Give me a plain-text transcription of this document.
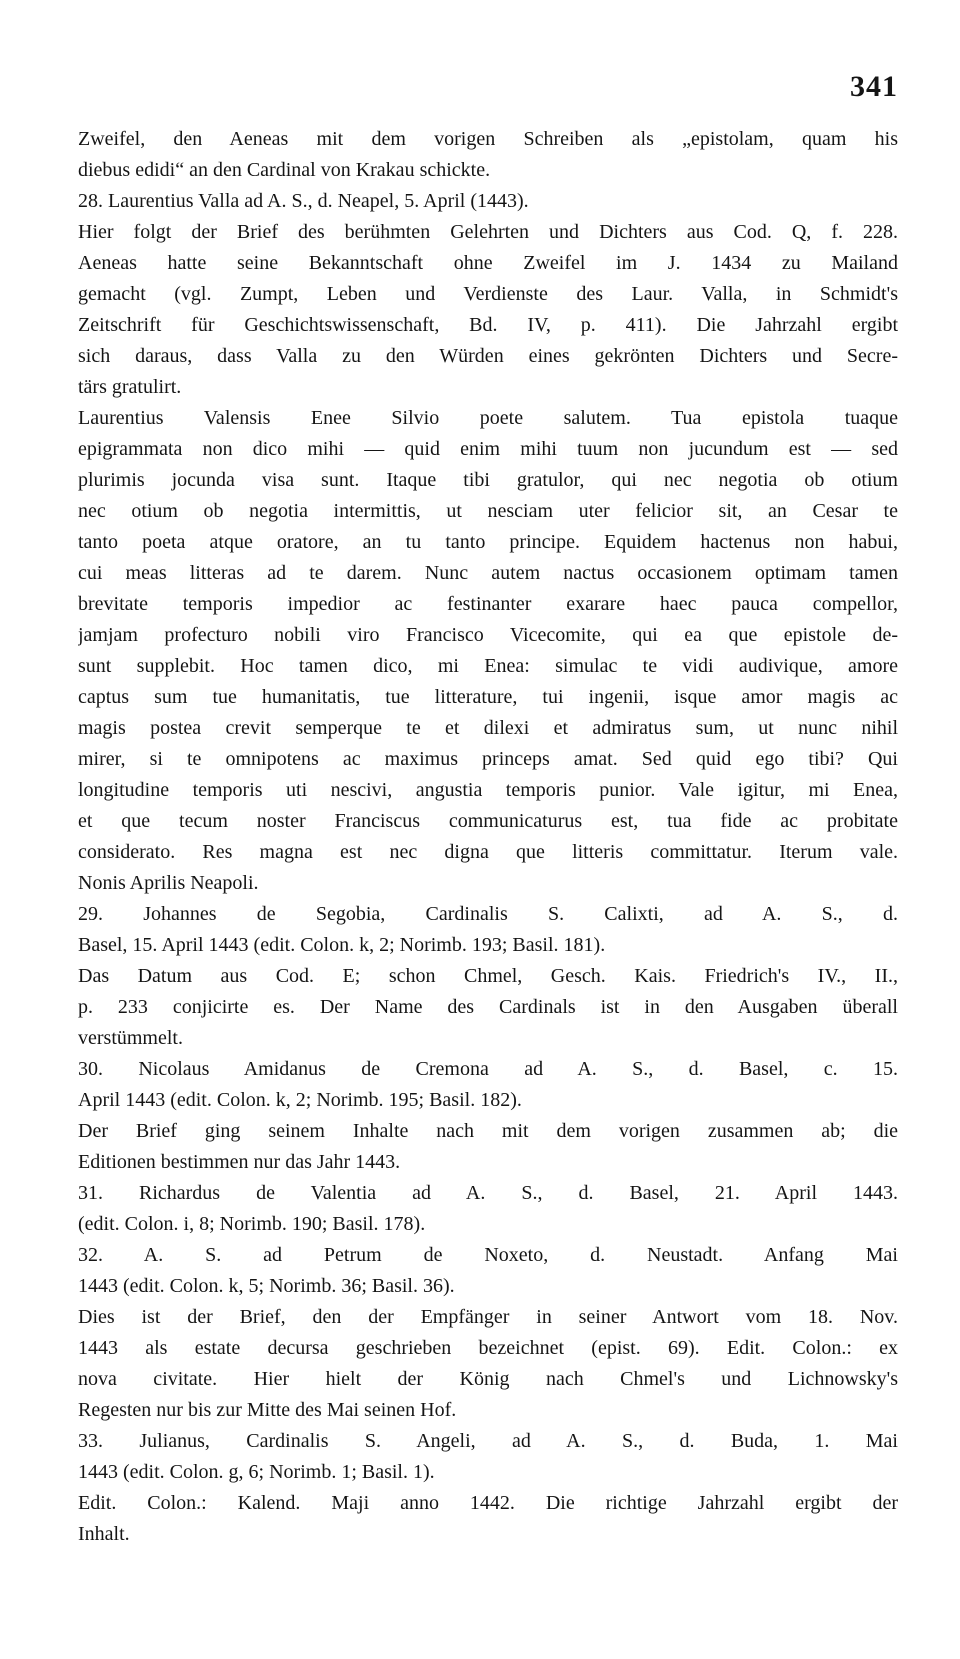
341
Zweifel, den Aeneas mit dem vorigen Schreiben als „epistolam, quam his
diebus edidi“ an den Cardinal von Krakau schickte.
28. Laurentius Valla ad A. S., d. Neapel, 5. April (1443).
Hier folgt der Brief des berühmten Gelehrten und Dichters aus Cod. Q, f. 228.
Aeneas hatte seine Bekanntschaft ohne Zweifel im J. 1434 zu Mailand
gemacht (vgl. Zumpt, Leben und Verdienste des Laur. Valla, in Schmidt's
Zeitschrift für Geschichtswissenschaft, Bd. IV, p. 411). Die Jahrzahl ergibt
sich daraus, dass Valla zu den Würden eines gekrönten Dichters und Secre-
tärs gratulirt.
Laurentius Valensis Enee Silvio poete salutem. Tua epistola tuaque
epigrammata non dico mihi — quid enim mihi tuum non jucundum est — sed
plurimis jocunda visa sunt. Itaque tibi gratulor, qui nec negotia ob otium
nec otium ob negotia intermittis, ut nesciam uter felicior sit, an Cesar te
tanto poeta atque oratore, an tu tanto principe. Equidem hactenus non habui,
cui meas litteras ad te darem. Nunc autem nactus occasionem optimam tamen
brevitate temporis impedior ac festinanter exarare haec pauca compellor,
jamjam profecturo nobili viro Francisco Vicecomite, qui ea que epistole de-
sunt supplebit. Hoc tamen dico, mi Enea: simulac te vidi audivique, amore
captus sum tue humanitatis, tue litterature, tui ingenii, isque amor magis ac
magis postea crevit semperque te et dilexi et admiratus sum, ut nunc nihil
mirer, si te omnipotens ac maximus princeps amat. Sed quid ego tibi? Qui
longitudine temporis uti nescivi, angustia temporis punior. Vale igitur, mi Enea,
et que tecum noster Franciscus communicaturus est, tua fide ac probitate
considerato. Res magna est nec digna que litteris committatur. Iterum vale.
Nonis Aprilis Neapoli.
29. Johannes de Segobia, Cardinalis S. Calixti, ad A. S., d.
Basel, 15. April 1443 (edit. Colon. k, 2; Norimb. 193; Basil. 181).
Das Datum aus Cod. E; schon Chmel, Gesch. Kais. Friedrich's IV., II.,
p. 233 conjicirte es. Der Name des Cardinals ist in den Ausgaben überall
verstümmelt.
30. Nicolaus Amidanus de Cremona ad A. S., d. Basel, c. 15.
April 1443 (edit. Colon. k, 2; Norimb. 195; Basil. 182).
Der Brief ging seinem Inhalte nach mit dem vorigen zusammen ab; die
Editionen bestimmen nur das Jahr 1443.
31. Richardus de Valentia ad A. S., d. Basel, 21. April 1443.
(edit. Colon. i, 8; Norimb. 190; Basil. 178).
32. A. S. ad Petrum de Noxeto, d. Neustadt. Anfang Mai
1443 (edit. Colon. k, 5; Norimb. 36; Basil. 36).
Dies ist der Brief, den der Empfänger in seiner Antwort vom 18. Nov.
1443 als estate decursa geschrieben bezeichnet (epist. 69). Edit. Colon.: ex
nova civitate. Hier hielt der König nach Chmel's und Lichnowsky's
Regesten nur bis zur Mitte des Mai seinen Hof.
33. Julianus, Cardinalis S. Angeli, ad A. S., d. Buda, 1. Mai
1443 (edit. Colon. g, 6; Norimb. 1; Basil. 1).
Edit. Colon.: Kalend. Maji anno 1442. Die richtige Jahrzahl ergibt der
Inhalt.
